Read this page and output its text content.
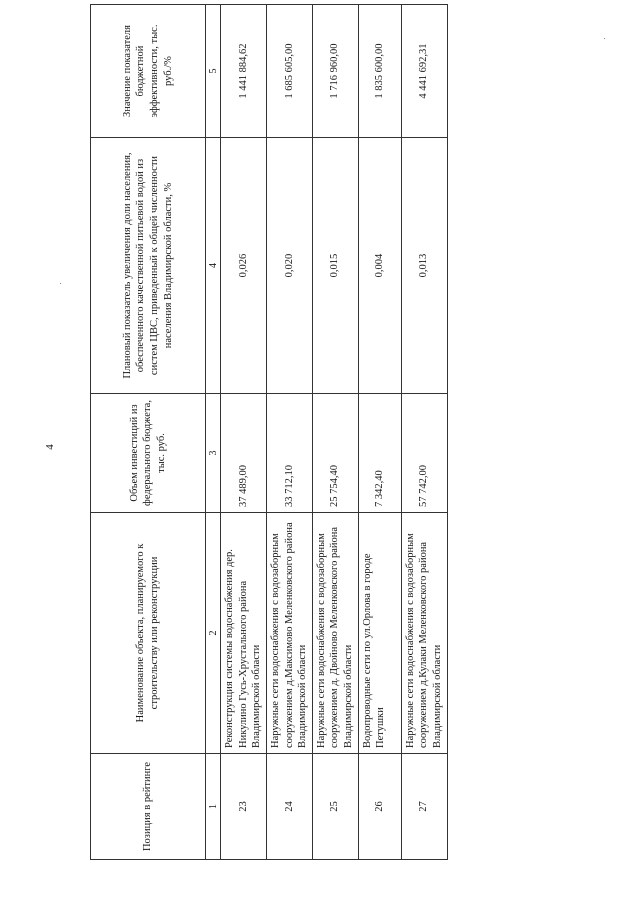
4
Позиция в рейтинге	Наименование объекта, планируемого к строительству или реконструкции	Объем инвестиций из федерального бюджета, тыс. руб.	Плановый показатель увеличения доли населения, обеспеченного качественной питьевой водой из систем ЦВС, приведенный к общей численности населения Владимирской области, %	Значение показателя бюджетной эффективности, тыс. руб./%
1	2	3	4	5
23	Реконструкция системы водоснабжения дер. Никулино Гусь-Хрустального района Владимирской области	37 489,00	0,026	1 441 884,62
24	Наружные сети водоснабжения с водозаборным сооружением д.Максимово Меленковского района Владимирской области	33 712,10	0,020	1 685 605,00
25	Наружные сети водоснабжения с водозаборным сооружением д. Двойново Меленковского района Владимирской области	25 754,40	0,015	1 716 960,00
26	Водопроводные сети по ул.Орлова в городе Петушки	7 342,40	0,004	1 835 600,00
27	Наружные сети водоснабжения с водозаборным сооружением д.Кулаки Меленковского района Владимирской области	57 742,00	0,013	4 441 692,31
